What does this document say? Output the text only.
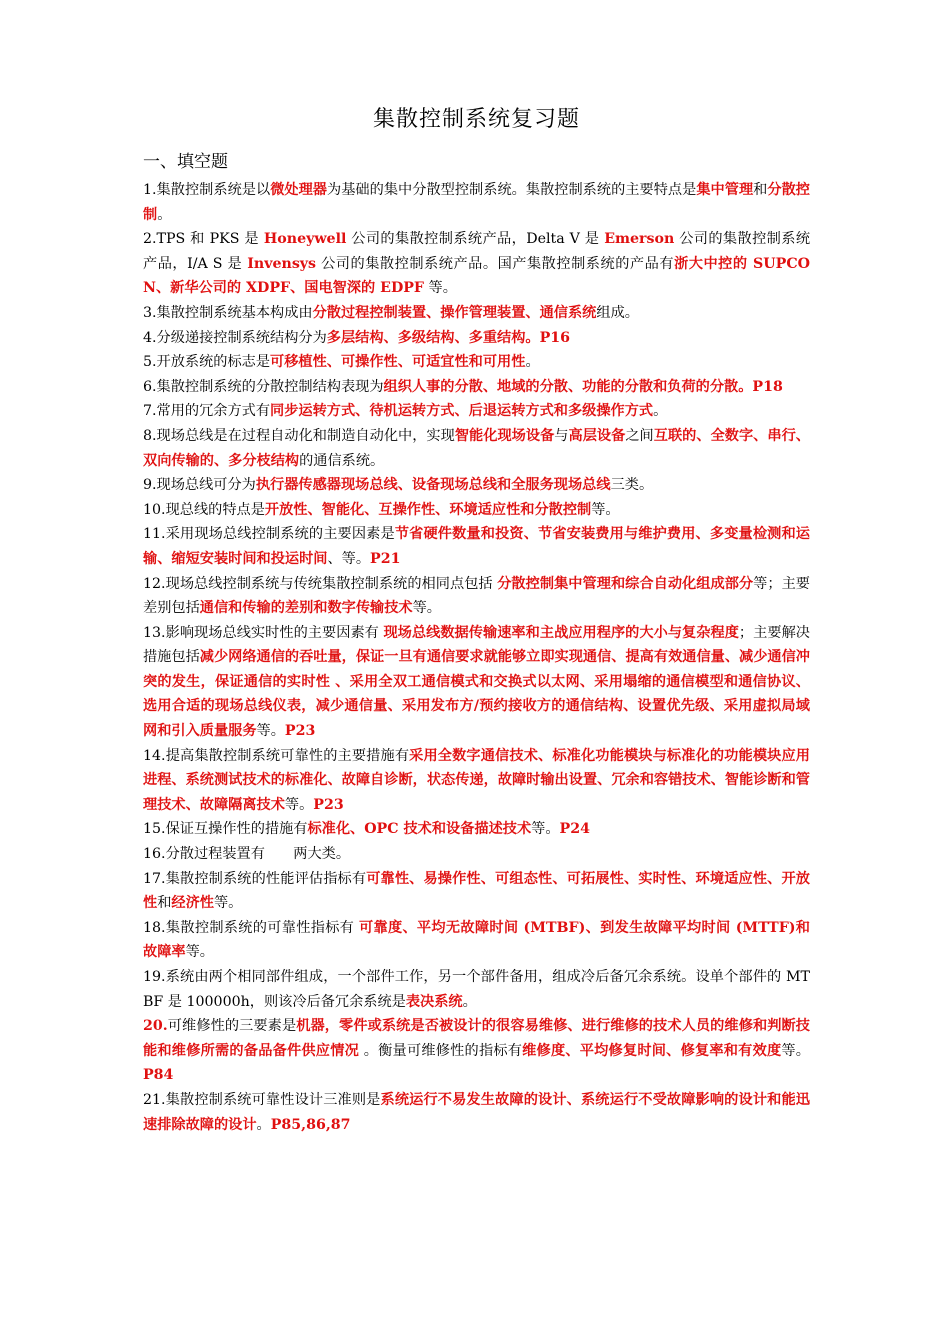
集散控制系统复习题
一、填空题

1.集散控制系统是以微处理器为基础的集中分散型控制系统。集散控制系统的主要特点是集中管理和分散控制。

2.TPS 和 PKS 是 Honeywell 公司的集散控制系统产品，Delta V 是 Emerson 公司的集散控制系统产品，I/A S 是 Invensys 公司的集散控制系统产品。国产集散控制系统的产品有浙大中控的 SUPCON、新华公司的 XDPF、国电智深的 EDPF 等。

3.集散控制系统基本构成由分散过程控制装置、操作管理装置、通信系统组成。

4.分级递接控制系统结构分为多层结构、多级结构、多重结构。P16

5.开放系统的标志是可移植性、可操作性、可适宜性和可用性。

6.集散控制系统的分散控制结构表现为组织人事的分散、地域的分散、功能的分散和负荷的分散。P18

7.常用的冗余方式有同步运转方式、待机运转方式、后退运转方式和多级操作方式。

8.现场总线是在过程自动化和制造自动化中，实现智能化现场设备与高层设备之间互联的、全数字、串行、双向传输的、多分枝结构的通信系统。

9.现场总线可分为执行器传感器现场总线、设备现场总线和全服务现场总线三类。

10.现总线的特点是开放性、智能化、互操作性、环境适应性和分散控制等。

11.采用现场总线控制系统的主要因素是节省硬件数量和投资、节省安装费用与维护费用、多变量检测和运输、缩短安装时间和投运时间、等。P21

12.现场总线控制系统与传统集散控制系统的相同点包括 分散控制集中管理和综合自动化组成部分等；主要差别包括通信和传输的差别和数字传输技术等。

13.影响现场总线实时性的主要因素有 现场总线数据传输速率和主战应用程序的大小与复杂程度；主要解决措施包括减少网络通信的吞吐量，保证一旦有通信要求就能够立即实现通信、提高有效通信量、减少通信冲突的发生，保证通信的实时性 、采用全双工通信模式和交换式以太网、采用塌缩的通信模型和通信协议、选用合适的现场总线仪表，减少通信量、采用发布方/预约接收方的通信结构、设置优先级、采用虚拟局域网和引入质量服务等。P23

14.提高集散控制系统可靠性的主要措施有采用全数字通信技术、标准化功能模块与标准化的功能模块应用进程、系统测试技术的标准化、故障自诊断，状态传递，故障时输出设置、冗余和容错技术、智能诊断和管理技术、故障隔离技术等。P23

15.保证互操作性的措施有标准化、OPC 技术和设备描述技术等。P24

16.分散过程装置有　　两大类。

17.集散控制系统的性能评估指标有可靠性、易操作性、可组态性、可拓展性、实时性、环境适应性、开放性和经济性等。

18.集散控制系统的可靠性指标有 可靠度、平均无故障时间 (MTBF)、到发生故障平均时间 (MTTF)和故障率等。

19.系统由两个相同部件组成，一个部件工作，另一个部件备用，组成冷后备冗余系统。设单个部件的 MTBF 是 100000h，则该冷后备冗余系统是表决系统。

20.可维修性的三要素是机器，零件或系统是否被设计的很容易维修、进行维修的技术人员的维修和判断技能和维修所需的备品备件供应情况 。衡量可维修性的指标有维修度、平均修复时间、修复率和有效度等。P84

21.集散控制系统可靠性设计三准则是系统运行不易发生故障的设计、系统运行不受故障影响的设计和能迅速排除故障的设计。P85,86,87
